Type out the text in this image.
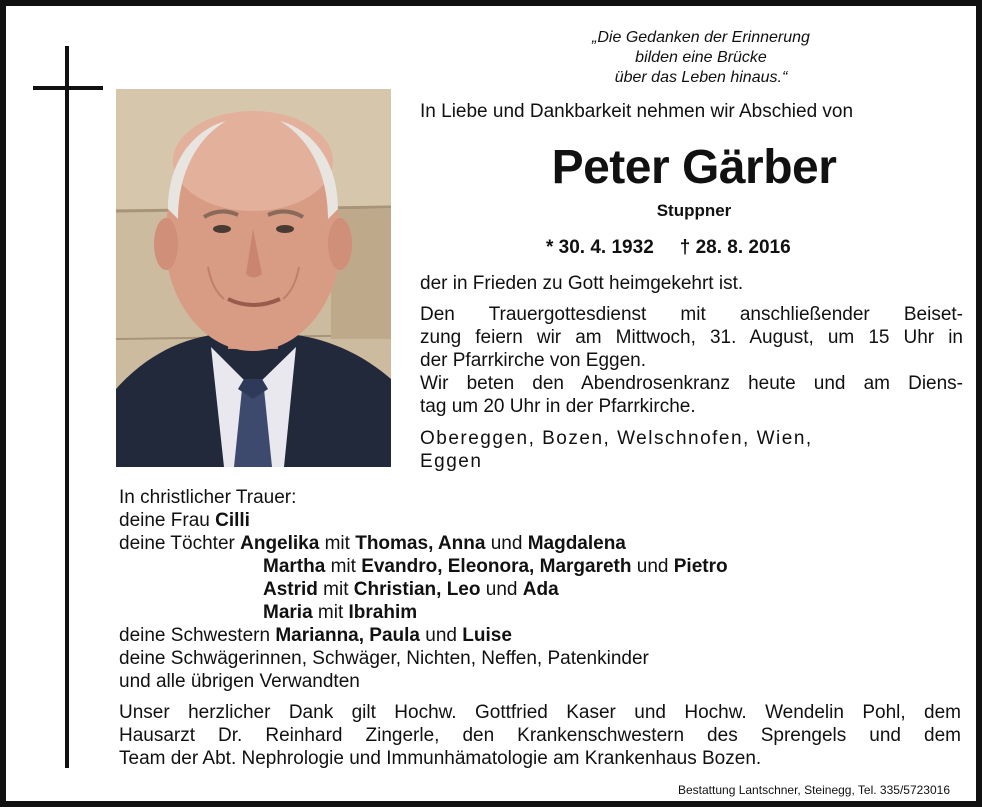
„Die Gedanken der Erinnerung
bilden eine Brücke
über das Leben hinaus.“
In Liebe und Dankbarkeit nehmen wir Abschied von
Peter Gärber
Stuppner
* 30. 4. 1932 † 28. 8. 2016
der in Frieden zu Gott heimgekehrt ist.
Den Trauergottesdienst mit anschließender Beiset-
zung feiern wir am Mittwoch, 31. August, um 15 Uhr in
der Pfarrkirche von Eggen.
Wir beten den Abendrosenkranz heute und am Diens-
tag um 20 Uhr in der Pfarrkirche.
Obereggen, Bozen, Welschnofen, Wien,
Eggen
In christlicher Trauer:
deine Frau Cilli
deine Töchter Angelika mit Thomas, Anna und Magdalena
Martha mit Evandro, Eleonora, Margareth und Pietro
Astrid mit Christian, Leo und Ada
Maria mit Ibrahim
deine Schwestern Marianna, Paula und Luise
deine Schwägerinnen, Schwäger, Nichten, Neffen, Patenkinder
und alle übrigen Verwandten
Unser herzlicher Dank gilt Hochw. Gottfried Kaser und Hochw. Wendelin Pohl, dem
Hausarzt Dr. Reinhard Zingerle, den Krankenschwestern des Sprengels und dem
Team der Abt. Nephrologie und Immunhämatologie am Krankenhaus Bozen.
Bestattung Lantschner, Steinegg, Tel. 335/5723016
